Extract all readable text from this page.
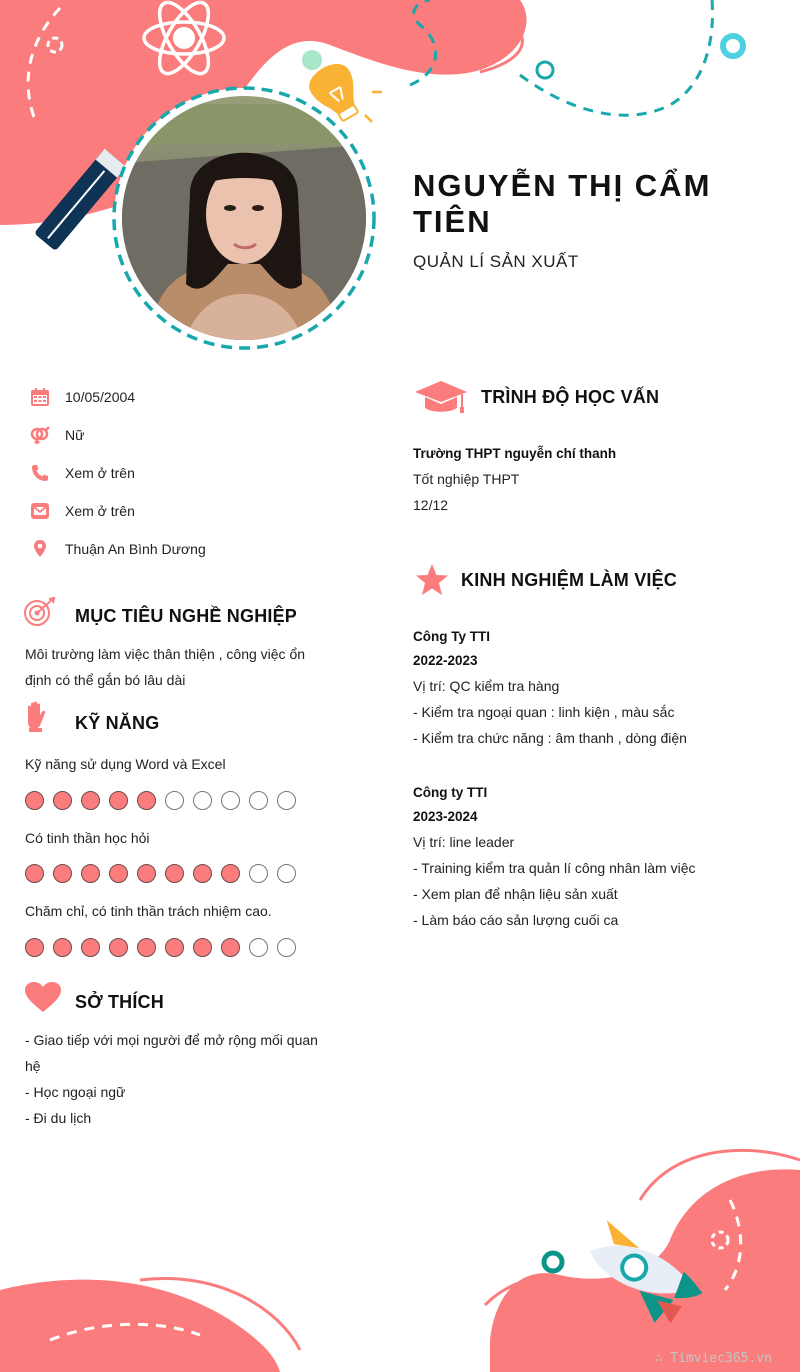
NGUYỄN THỊ CẨM TIÊN
QUẢN LÍ SẢN XUẤT
10/05/2004
Nữ
Xem ở trên
Xem ở trên
Thuận An Bình Dương
MỤC TIÊU NGHỀ NGHIỆP
Môi trường làm việc thân thiện , công việc ổn
định có thể gắn bó lâu dài
KỸ NĂNG
Kỹ năng sử dụng Word và Excel
Có tinh thần học hỏi
Chăm chỉ, có tinh thần trách nhiệm cao.
SỞ THÍCH
- Giao tiếp với mọi người để mở rộng mối quan
hệ
- Học ngoại ngữ
- Đi du lịch
TRÌNH ĐỘ HỌC VẤN
Trường THPT nguyễn chí thanh
Tốt nghiệp THPT
12/12
KINH NGHIỆM LÀM VIỆC
Công Ty TTI
2022-2023
Vị trí: QC kiểm tra hàng
- Kiểm tra ngoại quan : linh kiện , màu sắc
- Kiểm tra chức năng : âm thanh , dòng điện
Công ty TTI
2023-2024
Vị trí: line leader
- Training kiểm tra quản lí công nhân làm việc
- Xem plan để nhận liệu sản xuất
- Làm báo cáo sản lượng cuối ca
∴ Timviec365.vn
